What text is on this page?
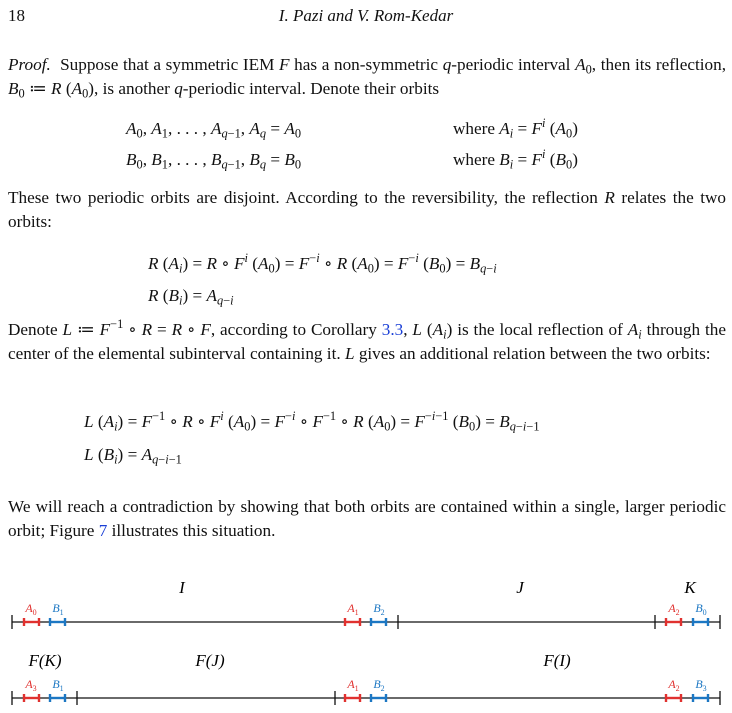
18	I. Pazi and V. Rom-Kedar
Proof.  Suppose that a symmetric IEM F has a non-symmetric q-periodic interval $A_0$, then its reflection, $B_0$ ≔ R $(A_0)$, is another q-periodic interval. Denote their orbits
$A_0$, $A_1$, . . . , $A_{q-1}$, $A_q = A_0$	where $A_i = F^i$ $(A_0)$
$B_0$, $B_1$, . . . , $B_{q-1}$, $B_q = B_0$	where $B_i = F^i$ $(B_0)$
These two periodic orbits are disjoint. According to the reversibility, the reflection R relates the two orbits:
R $(A_i) = R$ ∘ $F^i$ $(A_0) = F^{-i}$ ∘ R $(A_0) = F^{-i}$ $(B_0) = B_{q-i}$
R $(B_i) = A_{q-i}$
Denote L ≔ $F^{-1}$ ∘ R = R ∘ F, according to Corollary 3.3, L $(A_i)$ is the local reflection of $A_i$ through the center of the elemental subinterval containing it. L gives an additional relation between the two orbits:
L $(A_i) = F^{-1}$ ∘ R ∘ $F^i$ $(A_0) = F^{-i}$ ∘ $F^{-1}$ ∘ R $(A_0) = F^{-i-1}$ $(B_0) = B_{q-i-1}$
L $(B_i) = A_{q-i-1}$
We will reach a contradiction by showing that both orbits are contained within a single, larger periodic orbit; Figure 7 illustrates this situation.
I	J	K
$A_0$ $B_1$	$A_1$ $B_2$	$A_2$ $B_0$
F(K)	F(J)	F(I)
$A_3$ $B_1$	$A_1$ $B_2$	$A_2$ $B_3$
